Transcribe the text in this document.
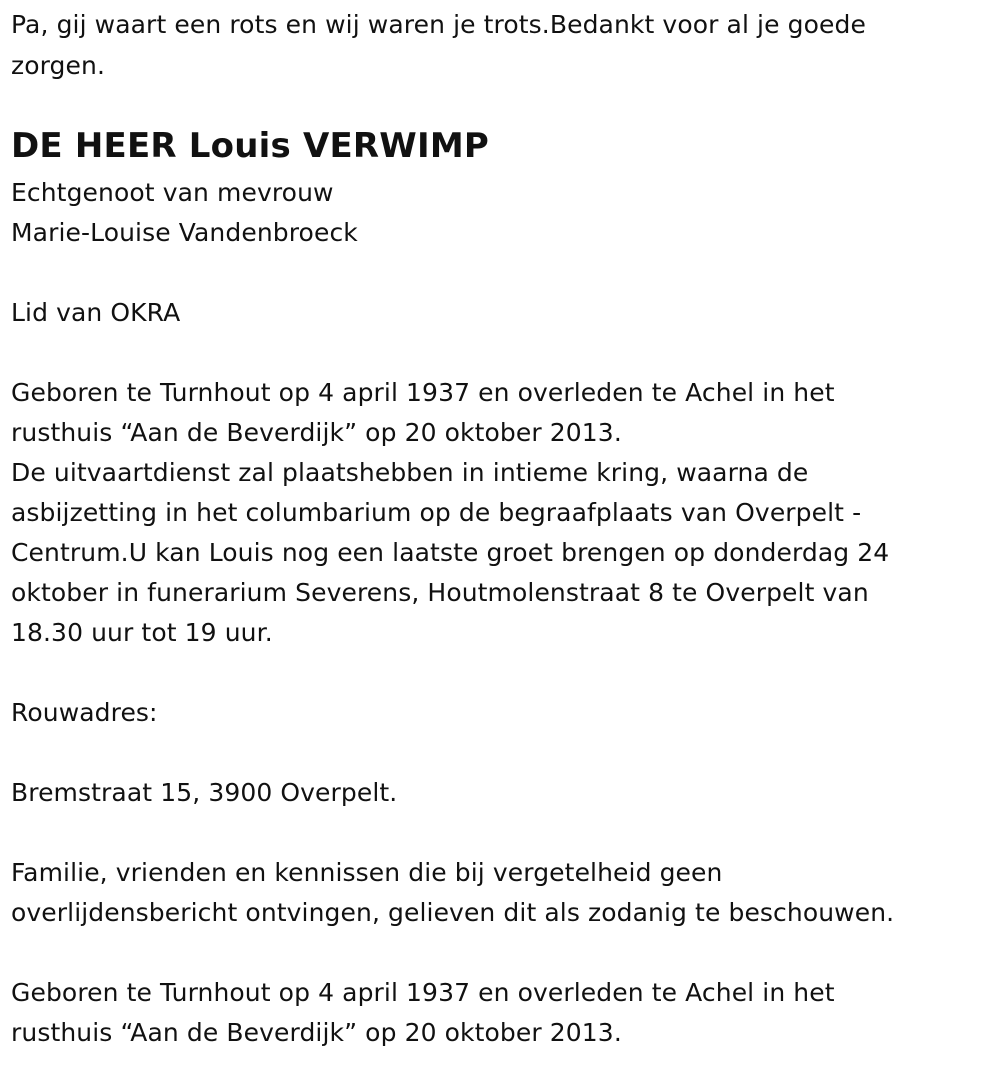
Pa, gij waart een rots en wij waren je trots.Bedankt voor al je goede
zorgen.
DE HEER Louis VERWIMP
Echtgenoot van mevrouw
Marie-Louise Vandenbroeck
Lid van OKRA
Geboren te Turnhout op 4 april 1937 en overleden te Achel in het
rusthuis “Aan de Beverdijk” op 20 oktober 2013.
De uitvaartdienst zal plaatshebben in intieme kring, waarna de
asbijzetting in het columbarium op de begraafplaats van Overpelt -
Centrum.U kan Louis nog een laatste groet brengen op donderdag 24
oktober in funerarium Severens, Houtmolenstraat 8 te Overpelt van
18.30 uur tot 19 uur.
Rouwadres:
Bremstraat 15, 3900 Overpelt.
Familie, vrienden en kennissen die bij vergetelheid geen
overlijdensbericht ontvingen, gelieven dit als zodanig te beschouwen.
Geboren te Turnhout op 4 april 1937 en overleden te Achel in het
rusthuis “Aan de Beverdijk” op 20 oktober 2013.
